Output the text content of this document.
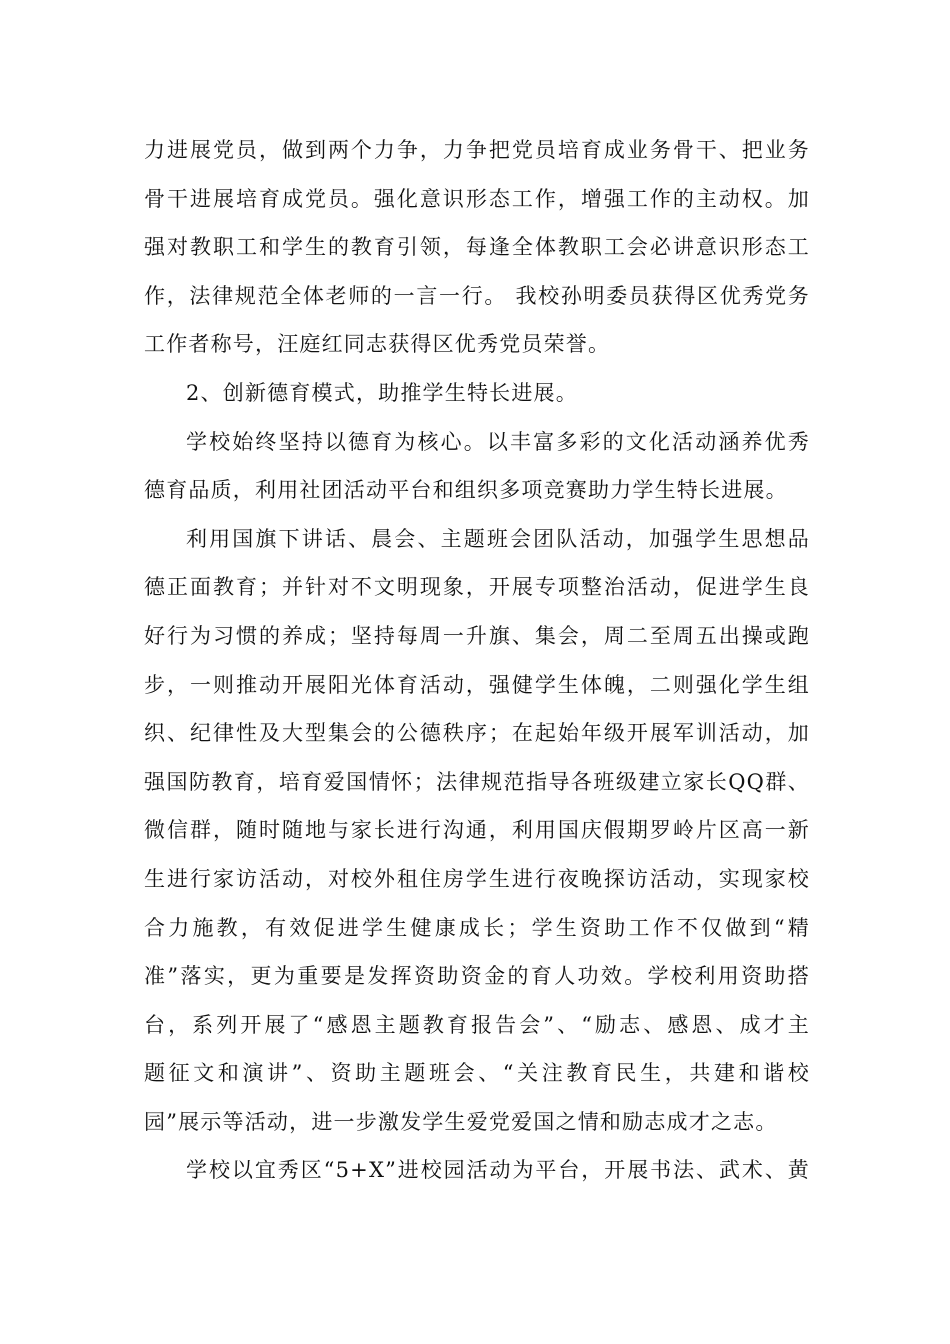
力进展党员，做到两个力争，力争把党员培育成业务骨干、把业务
骨干进展培育成党员。强化意识形态工作，增强工作的主动权。加
强对教职工和学生的教育引领，每逢全体教职工会必讲意识形态工
作，法律规范全体老师的一言一行。 我校孙明委员获得区优秀党务
工作者称号，汪庭红同志获得区优秀党员荣誉。
2、创新德育模式，助推学生特长进展。
学校始终坚持以德育为核心。以丰富多彩的文化活动涵养优秀
德育品质，利用社团活动平台和组织多项竞赛助力学生特长进展。
利用国旗下讲话、晨会、主题班会团队活动，加强学生思想品
德正面教育；并针对不文明现象，开展专项整治活动，促进学生良
好行为习惯的养成；坚持每周一升旗、集会，周二至周五出操或跑
步，一则推动开展阳光体育活动，强健学生体魄，二则强化学生组
织、纪律性及大型集会的公德秩序；在起始年级开展军训活动，加
强国防教育，培育爱国情怀；法律规范指导各班级建立家长QQ群、
微信群，随时随地与家长进行沟通，利用国庆假期罗岭片区高一新
生进行家访活动，对校外租住房学生进行夜晚探访活动，实现家校
合力施教，有效促进学生健康成长；学生资助工作不仅做到“精
准”落实，更为重要是发挥资助资金的育人功效。学校利用资助搭
台，系列开展了“感恩主题教育报告会”、“励志、感恩、成才主
题征文和演讲”、资助主题班会、“关注教育民生，共建和谐校
园”展示等活动，进一步激发学生爱党爱国之情和励志成才之志。
学校以宜秀区“5+X”进校园活动为平台，开展书法、武术、黄
